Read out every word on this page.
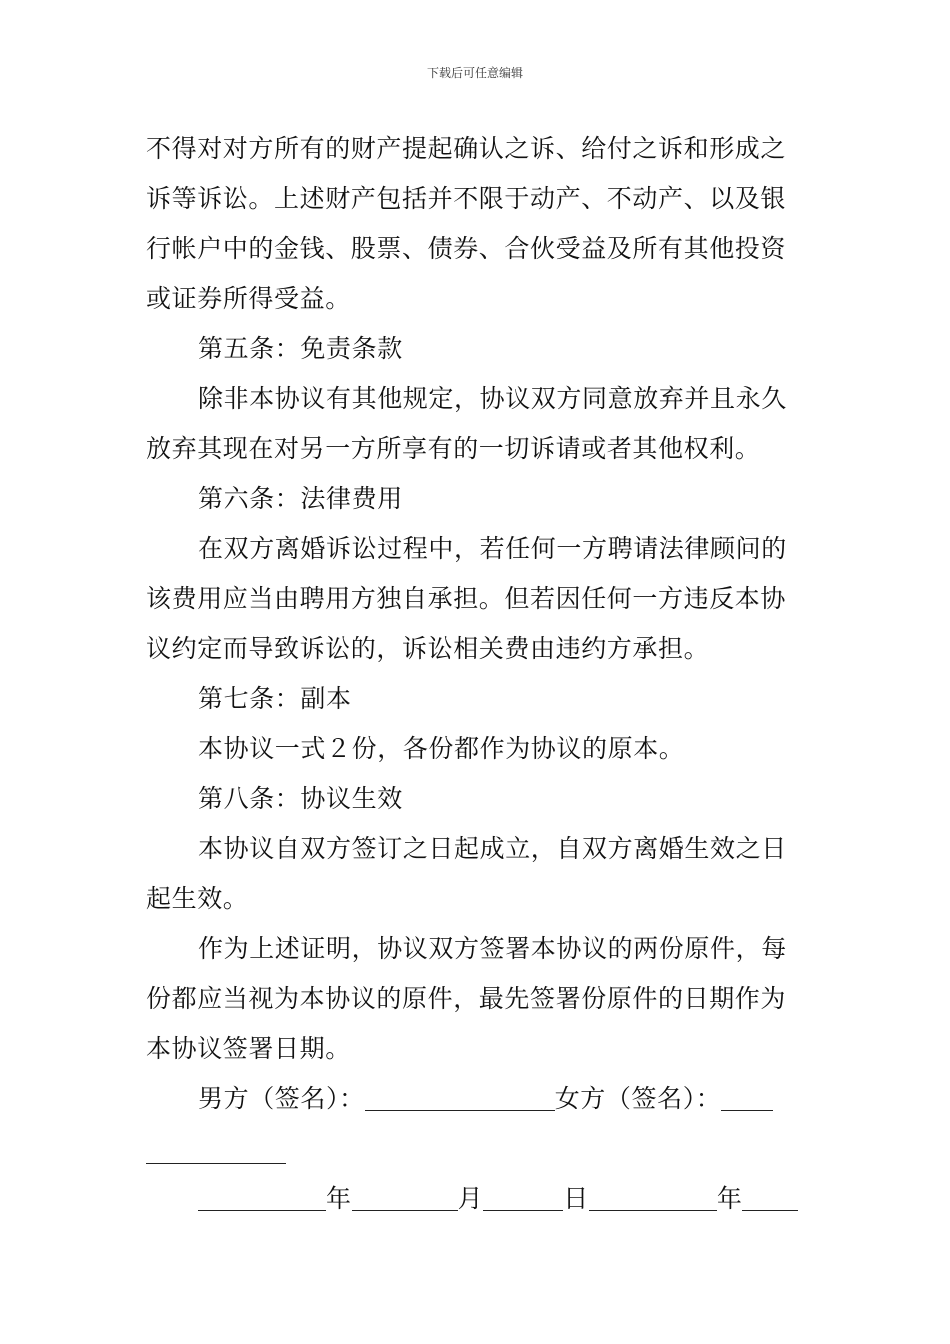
下载后可任意编辑
不得对对方所有的财产提起确认之诉、给付之诉和形成之
诉等诉讼。上述财产包括并不限于动产、不动产、以及银
行帐户中的金钱、股票、债券、合伙受益及所有其他投资
或证券所得受益。
第五条：免责条款
除非本协议有其他规定，协议双方同意放弃并且永久
放弃其现在对另一方所享有的一切诉请或者其他权利。
第六条：法律费用
在双方离婚诉讼过程中，若任何一方聘请法律顾问的
该费用应当由聘用方独自承担。但若因任何一方违反本协
议约定而导致诉讼的，诉讼相关费由违约方承担。
第七条：副本
本协议一式２份，各份都作为协议的原本。
第八条：协议生效
本协议自双方签订之日起成立，自双方离婚生效之日
起生效。
作为上述证明，协议双方签署本协议的两份原件，每
份都应当视为本协议的原件，最先签署份原件的日期作为
本协议签署日期。
男方（签名）：	女方（签名）：
年	月	日	年
